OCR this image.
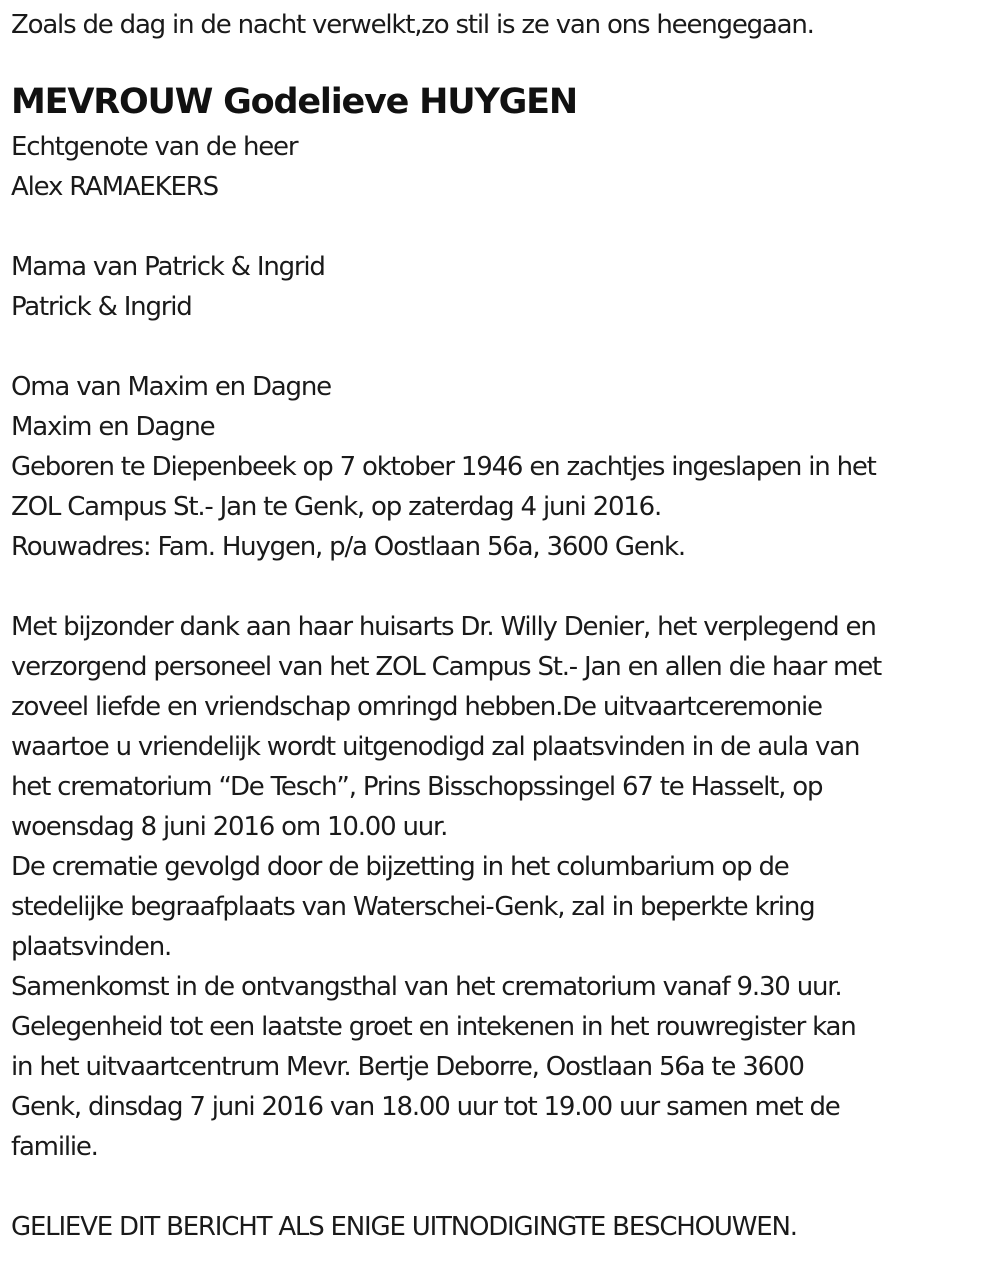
Zoals de dag in de nacht verwelkt,zo stil is ze van ons heengegaan.
MEVROUW Godelieve HUYGEN
Echtgenote van de heer
Alex RAMAEKERS
Mama van Patrick & Ingrid
Patrick & Ingrid
Oma van Maxim en Dagne
Maxim en Dagne
Geboren te Diepenbeek op 7 oktober 1946 en zachtjes ingeslapen in het
ZOL Campus St.- Jan te Genk, op zaterdag 4 juni 2016.
Rouwadres: Fam. Huygen, p/a Oostlaan 56a, 3600 Genk.
Met bijzonder dank aan haar huisarts Dr. Willy Denier, het verplegend en
verzorgend personeel van het ZOL Campus St.- Jan en allen die haar met
zoveel liefde en vriendschap omringd hebben.De uitvaartceremonie
waartoe u vriendelijk wordt uitgenodigd zal plaatsvinden in de aula van
het crematorium “De Tesch”, Prins Bisschopssingel 67 te Hasselt, op
woensdag 8 juni 2016 om 10.00 uur.
De crematie gevolgd door de bijzetting in het columbarium op de
stedelijke begraafplaats van Waterschei-Genk, zal in beperkte kring
plaatsvinden.
Samenkomst in de ontvangsthal van het crematorium vanaf 9.30 uur.
Gelegenheid tot een laatste groet en intekenen in het rouwregister kan
in het uitvaartcentrum Mevr. Bertje Deborre, Oostlaan 56a te 3600
Genk, dinsdag 7 juni 2016 van 18.00 uur tot 19.00 uur samen met de
familie.
GELIEVE DIT BERICHT ALS ENIGE UITNODIGINGTE BESCHOUWEN.
